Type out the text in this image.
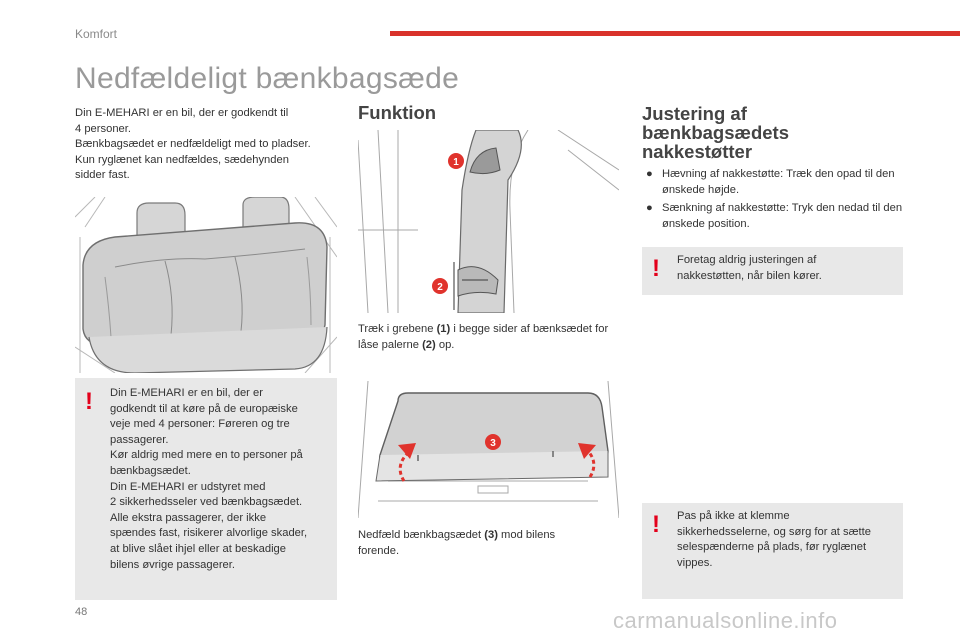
Komfort
Nedfældeligt bænkbagsæde

Din E-MEHARI er en bil, der er godkendt til
4 personer.

Bænkbagsædet er nedfældeligt med to pladser.
Kun ryglænet kan nedfældes, sædehynden
sidder fast.

! Din E-MEHARI er en bil, der er
godkendt til at køre på de europæiske
veje med 4 personer: Føreren og tre
passagerer.
Kør aldrig med mere en to personer på
bænkbagsædet.
Din E-MEHARI er udstyret med
2 sikkerhedsseler ved bænkbagsædet.
Alle ekstra passagerer, der ikke
spændes fast, risikerer alvorlige skader,
at blive slået ihjel eller at beskadige
bilens øvrige passagerer.
Funktion
1
2
Træk i grebene (1) i begge sider af bænksædet for låse palerne (2) op.
3
Nedfæld bænkbagsædet (3) mod bilens forende.
Justering af
bænkbagsædets
nakkestøtter
● Hævning af nakkestøtte: Træk den opad til den ønskede højde.
● Sænkning af nakkestøtte: Tryk den nedad til den ønskede position.
! Foretag aldrig justeringen af
nakkestøtten, når bilen kører.
! Pas på ikke at klemme
sikkerhedsselerne, og sørg for at sætte
selespænderne på plads, før ryglænet
vippes.
48	carmanualsonline.info
